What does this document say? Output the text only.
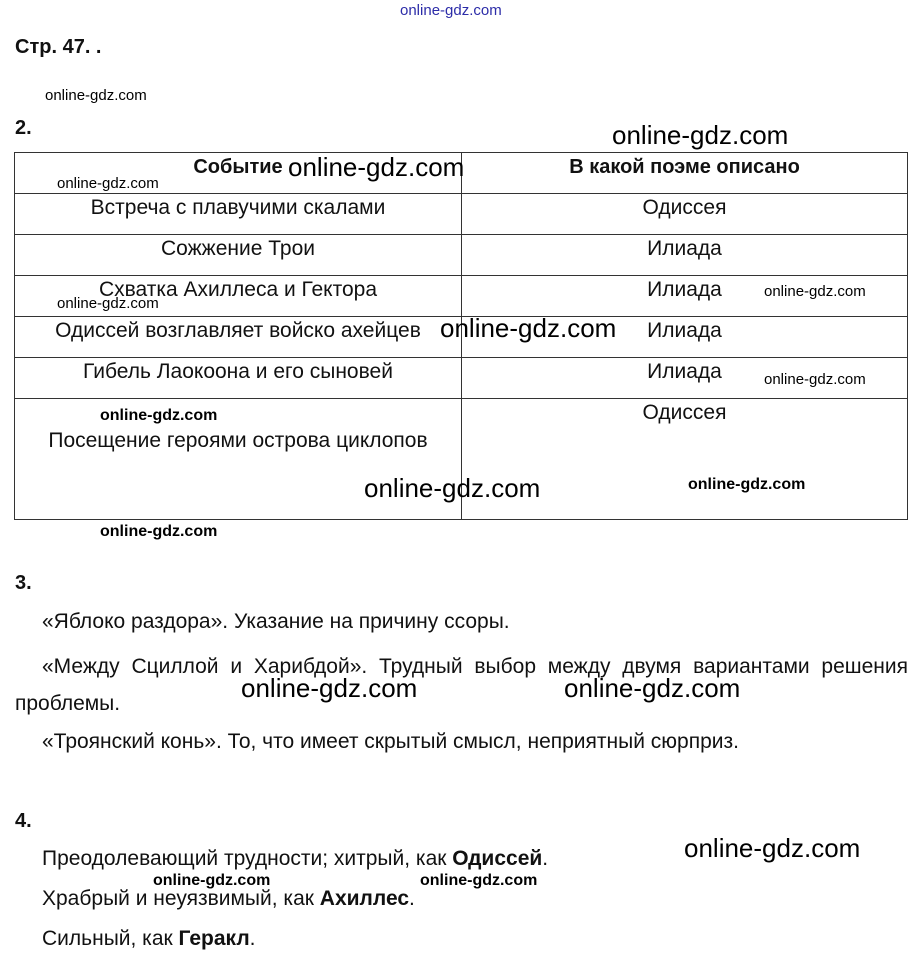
online-gdz.com
Стр. 47. .
online-gdz.com
2.	online-gdz.com
Событие	В какой поэме описано
Встреча с плавучими скалами	Одиссея
Сожжение Трои	Илиада
Схватка Ахиллеса и Гектора	Илиада
Одиссей возглавляет войско ахейцев	Илиада
Гибель Лаокоона и его сыновей	Илиада
Посещение героями острова циклопов	Одиссея
online-gdz.com
online-gdz.com
online-gdz.com
online-gdz.com
online-gdz.com
online-gdz.com
online-gdz.com
online-gdz.com
online-gdz.com
online-gdz.com
3.
«Яблоко раздора». Указание на причину ссоры.
«Между Сциллой и Харибдой». Трудный выбор между двумя вариантами решения проблемы.
«Троянский конь». То, что имеет скрытый смысл, неприятный сюрприз.
online-gdz.com	online-gdz.com
4.
online-gdz.com
Преодолевающий трудности; хитрый, как Одиссей.
online-gdz.com	online-gdz.com
Храбрый и неуязвимый, как Ахиллес.
Сильный, как Геракл.
